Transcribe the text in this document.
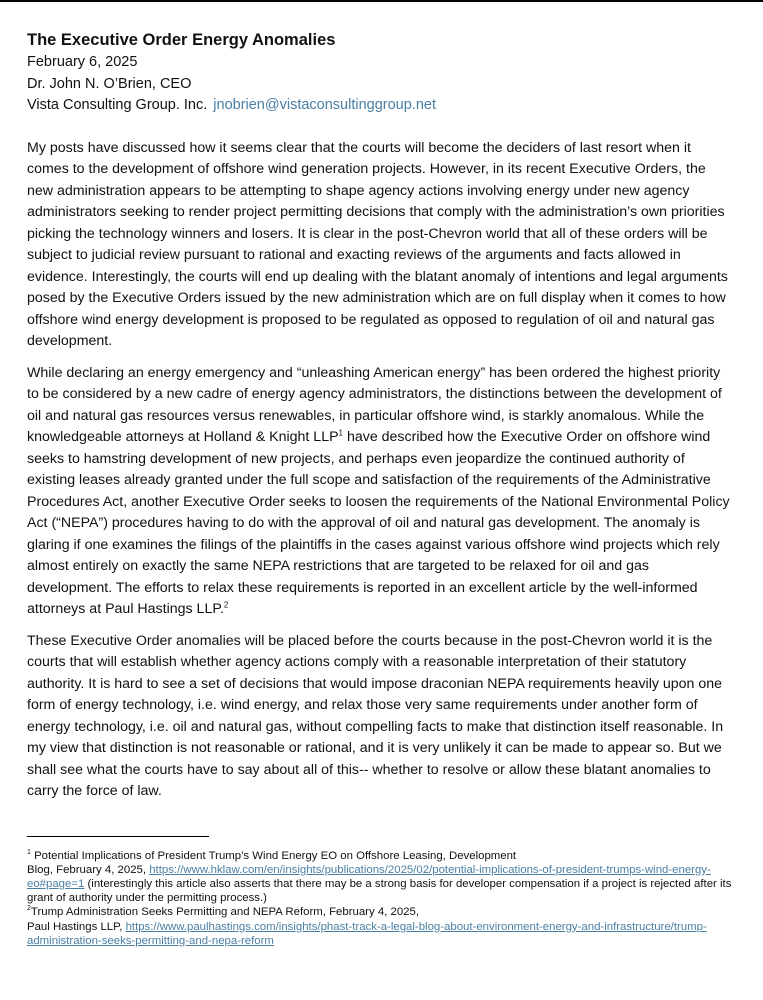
The Executive Order Energy Anomalies

February 6, 2025

Dr. John N. O’Brien, CEO

Vista Consulting Group. Inc. jnobrien@vistaconsultinggroup.net

My posts have discussed how it seems clear that the courts will become the deciders of last resort when it comes to the development of offshore wind generation projects. However, in its recent Executive Orders, the new administration appears to be attempting to shape agency actions involving energy under new agency administrators seeking to render project permitting decisions that comply with the administration’s own priorities picking the technology winners and losers. It is clear in the post-Chevron world that all of these orders will be subject to judicial review pursuant to rational and exacting reviews of the arguments and facts allowed in evidence. Interestingly, the courts will end up dealing with the blatant anomaly of intentions and legal arguments posed by the Executive Orders issued by the new administration which are on full display when it comes to how offshore wind energy development is proposed to be regulated as opposed to regulation of oil and natural gas development.

While declaring an energy emergency and “unleashing American energy” has been ordered the highest priority to be considered by a new cadre of energy agency administrators, the distinctions between the development of oil and natural gas resources versus renewables, in particular offshore wind, is starkly anomalous. While the knowledgeable attorneys at Holland & Knight LLP$^1$ have described how the Executive Order on offshore wind seeks to hamstring development of new projects, and perhaps even jeopardize the continued authority of existing leases already granted under the full scope and satisfaction of the requirements of the Administrative Procedures Act, another Executive Order seeks to loosen the requirements of the National Environmental Policy Act (“NEPA”) procedures having to do with the approval of oil and natural gas development. The anomaly is glaring if one examines the filings of the plaintiffs in the cases against various offshore wind projects which rely almost entirely on exactly the same NEPA restrictions that are targeted to be relaxed for oil and gas development. The efforts to relax these requirements is reported in an excellent article by the well-informed attorneys at Paul Hastings LLP.$^2$

These Executive Order anomalies will be placed before the courts because in the post-Chevron world it is the courts that will establish whether agency actions comply with a reasonable interpretation of their statutory authority. It is hard to see a set of decisions that would impose draconian NEPA requirements heavily upon one form of energy technology, i.e. wind energy, and relax those very same requirements under another form of energy technology, i.e. oil and natural gas, without compelling facts to make that distinction itself reasonable. In my view that distinction is not reasonable or rational, and it is very unlikely it can be made to appear so. But we shall see what the courts have to say about all of this-- whether to resolve or allow these blatant anomalies to carry the force of law.

$^1$ Potential Implications of President Trump’s Wind Energy EO on Offshore Leasing, Development
Blog, February 4, 2025, https://www.hklaw.com/en/insights/publications/2025/02/potential-implications-of-president-trumps-wind-energy-eo#page=1 (interestingly this article also asserts that there may be a strong basis for developer compensation if a project is rejected after its grant of authority under the permitting process.)

$^2$Trump Administration Seeks Permitting and NEPA Reform, February 4, 2025,
Paul Hastings LLP, https://www.paulhastings.com/insights/phast-track-a-legal-blog-about-environment-energy-and-infrastructure/trump-administration-seeks-permitting-and-nepa-reform
